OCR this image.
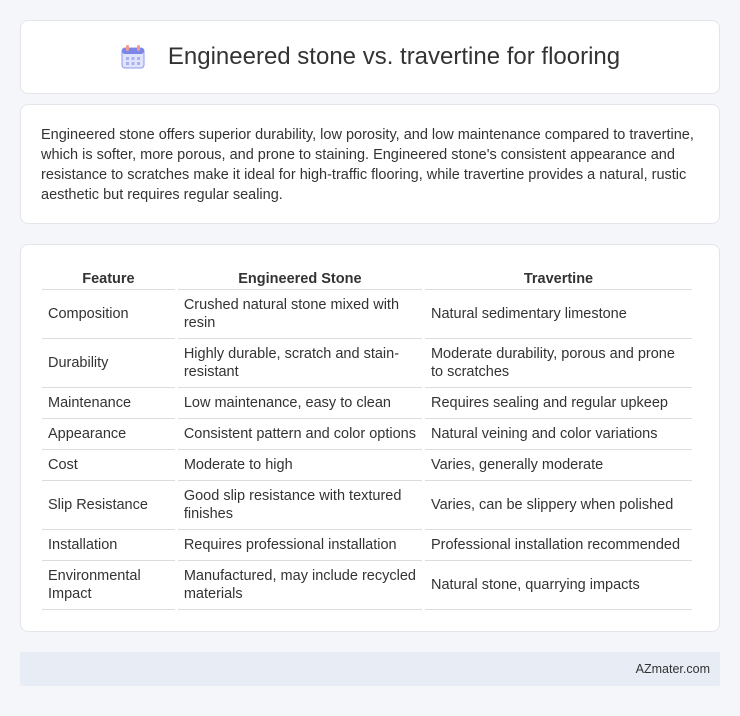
Engineered stone vs. travertine for flooring

Engineered stone offers superior durability, low porosity, and low maintenance compared to travertine, which is softer, more porous, and prone to staining. Engineered stone's consistent appearance and resistance to scratches make it ideal for high-traffic flooring, while travertine provides a natural, rustic aesthetic but requires regular sealing.

Feature	Engineered Stone	Travertine
Composition	Crushed natural stone mixed with resin	Natural sedimentary limestone
Durability	Highly durable, scratch and stain-resistant	Moderate durability, porous and prone to scratches
Maintenance	Low maintenance, easy to clean	Requires sealing and regular upkeep
Appearance	Consistent pattern and color options	Natural veining and color variations
Cost	Moderate to high	Varies, generally moderate
Slip Resistance	Good slip resistance with textured finishes	Varies, can be slippery when polished
Installation	Requires professional installation	Professional installation recommended
Environmental Impact	Manufactured, may include recycled materials	Natural stone, quarrying impacts
AZmater.com
